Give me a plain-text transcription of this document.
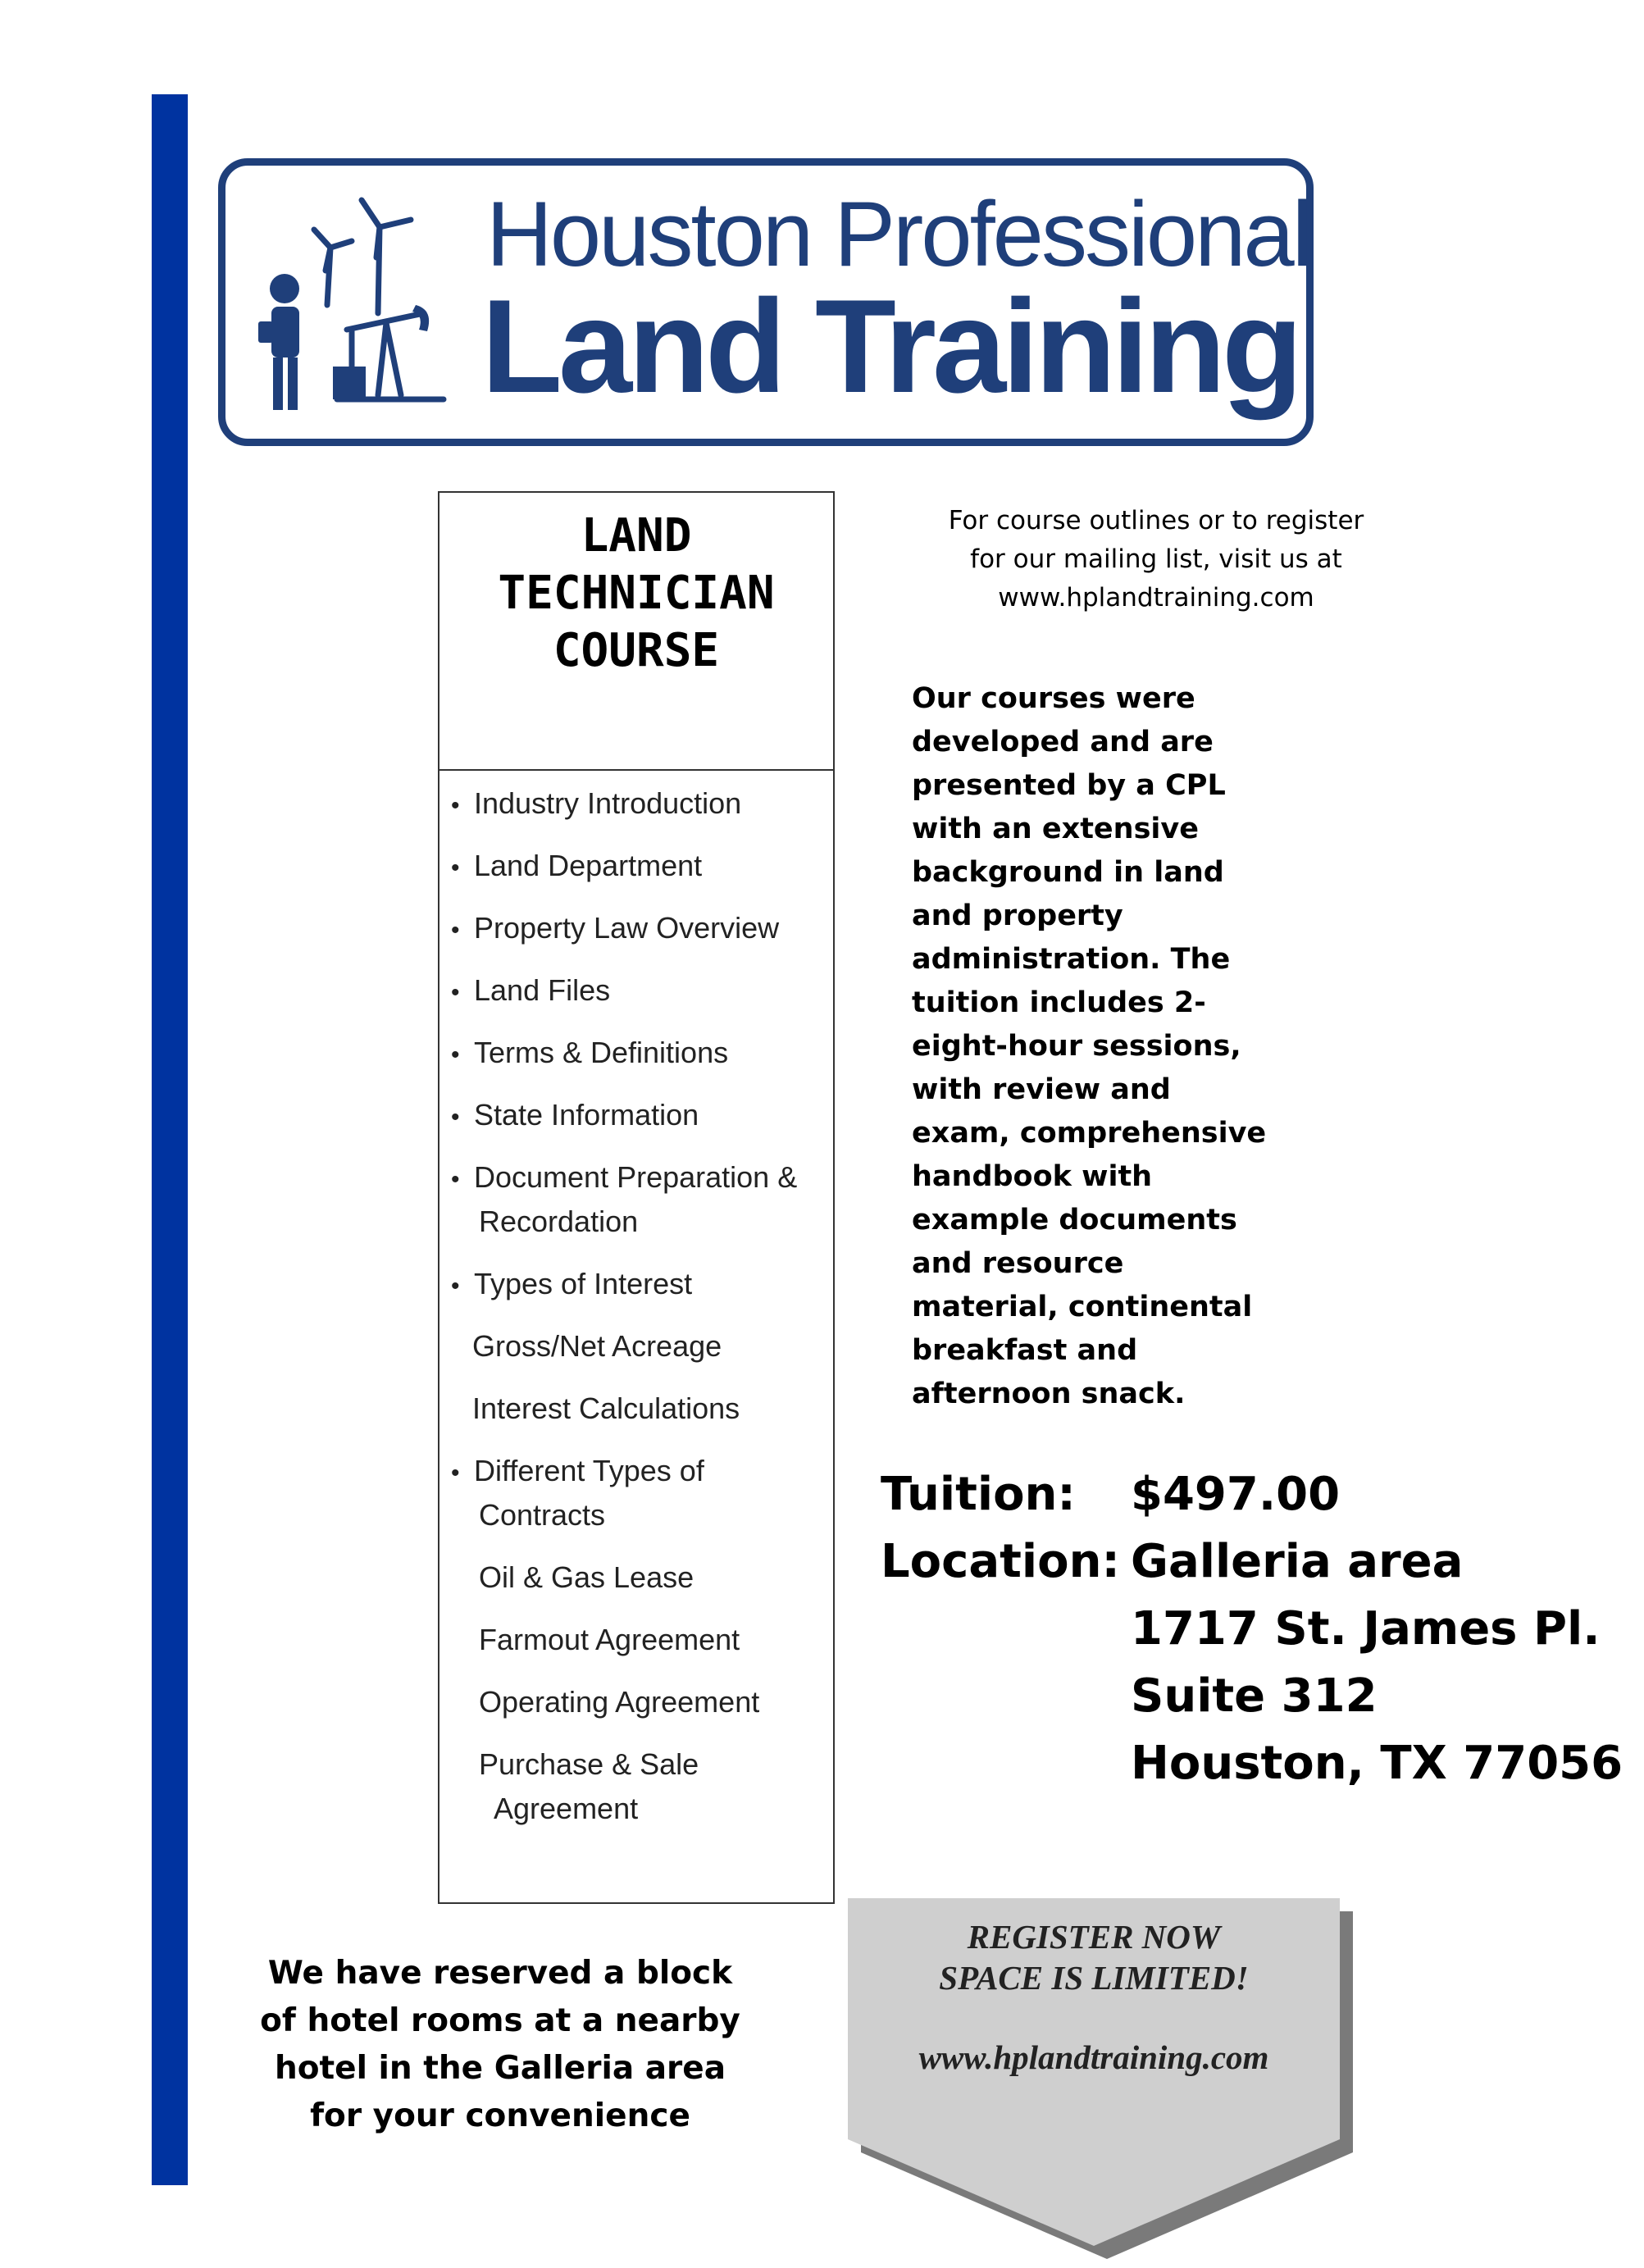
Houston Professional
Land Training
LAND
TECHNICIAN
COURSE
• Industry Introduction
• Land Department
• Property Law Overview
• Land Files
• Terms & Definitions
• State Information
• Document Preparation &
Recordation
• Types of Interest
Gross/Net Acreage
Interest Calculations
• Different Types of
Contracts
Oil & Gas Lease
Farmout Agreement
Operating Agreement
Purchase & Sale
Agreement
For course outlines or to register
for our mailing list, visit us at
www.hplandtraining.com
Our courses were
developed and are
presented by a CPL
with an extensive
background in land
and property
administration. The
tuition includes 2-
eight-hour sessions,
with review and
exam, comprehensive
handbook with
example documents
and resource
material, continental
breakfast and
afternoon snack.
Tuition: $497.00
Location: Galleria area
1717 St. James Pl.
Suite 312
Houston, TX 77056
We have reserved a block
of hotel rooms at a nearby
hotel in the Galleria area
for your convenience
REGISTER NOW
SPACE IS LIMITED!
www.hplandtraining.com
